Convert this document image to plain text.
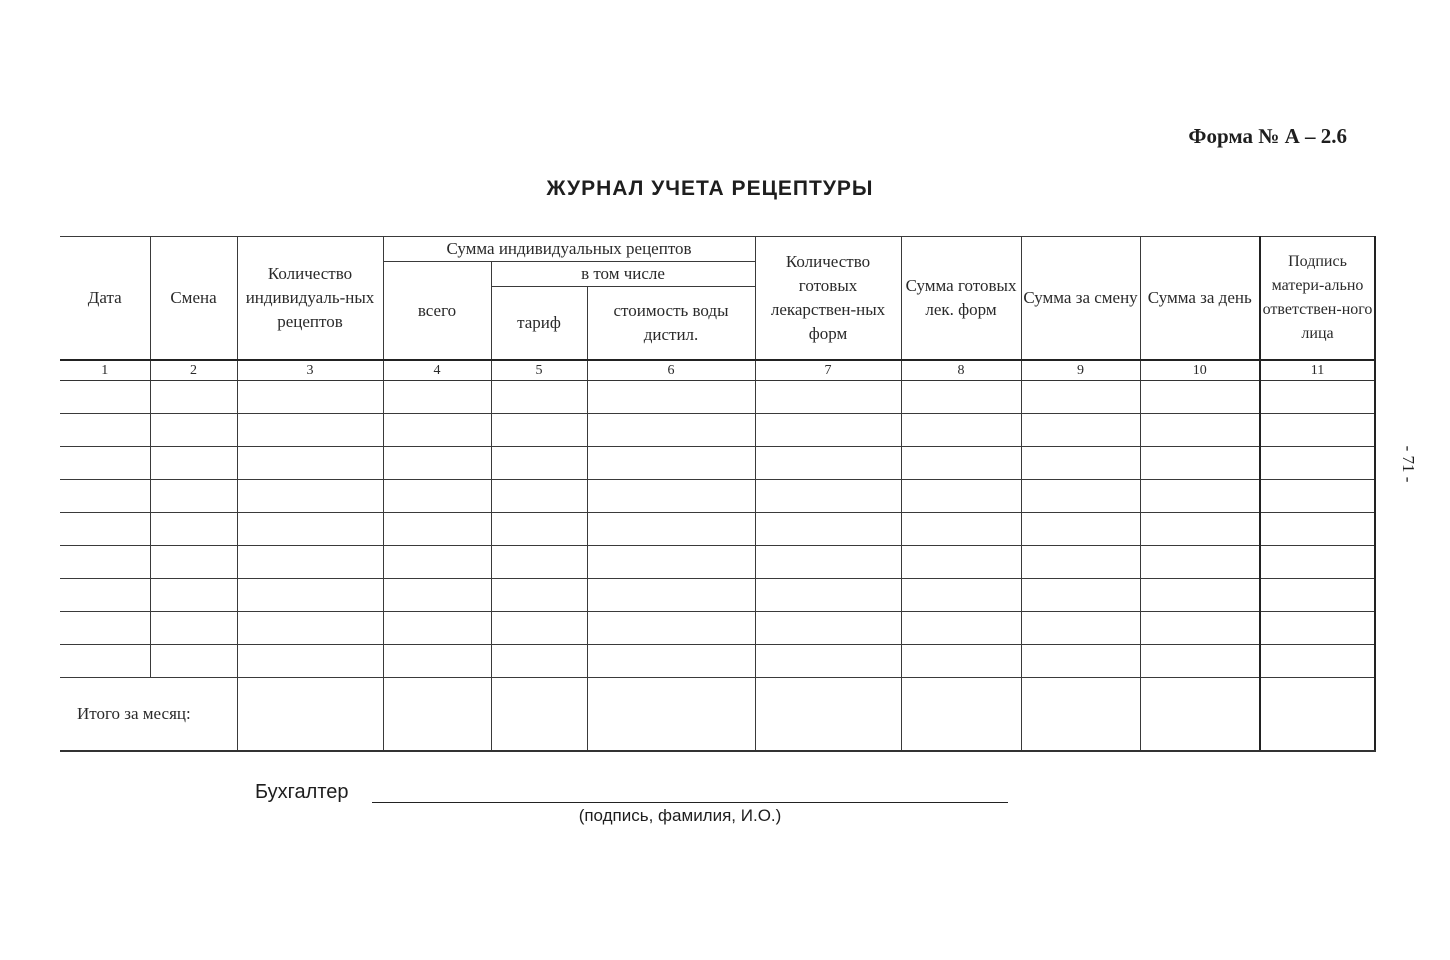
Форма № А – 2.6
ЖУРНАЛ УЧЕТА РЕЦЕПТУРЫ
- 71 -
Дата	Смена	Количество индивидуаль-ных рецептов	Сумма индивидуальных рецептов			Количество готовых лекарствен-ных форм	Сумма готовых лек. форм	Сумма за смену	Сумма за день	Подпись матери-ально ответствен-ного лица
			всего	в том числе						
				тариф	стоимость воды дистил.					
1	2	3	4	5	6	7	8	9	10	11

Итого за месяц:										
Бухгалтер
(подпись, фамилия, И.О.)
